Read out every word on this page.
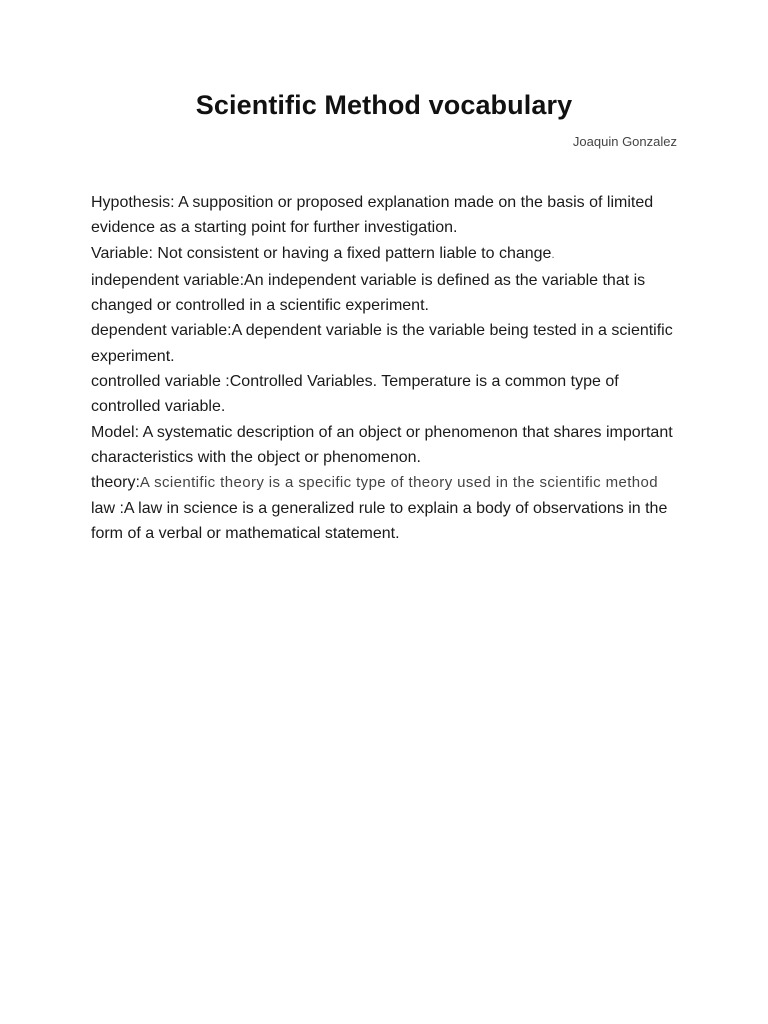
Scientific Method vocabulary

Joaquin Gonzalez

Hypothesis: A supposition or proposed explanation made on the basis of limited evidence as a starting point for further investigation.

Variable: Not consistent or having a fixed pattern liable to change.

independent variable:An independent variable is defined as the variable that is changed or controlled in a scientific experiment.

dependent variable:A dependent variable is the variable being tested in a scientific experiment.

controlled variable :Controlled Variables. Temperature is a common type of controlled variable.

Model: A systematic description of an object or phenomenon that shares important characteristics with the object or phenomenon.

theory:A scientific theory is a specific type of theory used in the scientific method

law :A law in science is a generalized rule to explain a body of observations in the form of a verbal or mathematical statement.
